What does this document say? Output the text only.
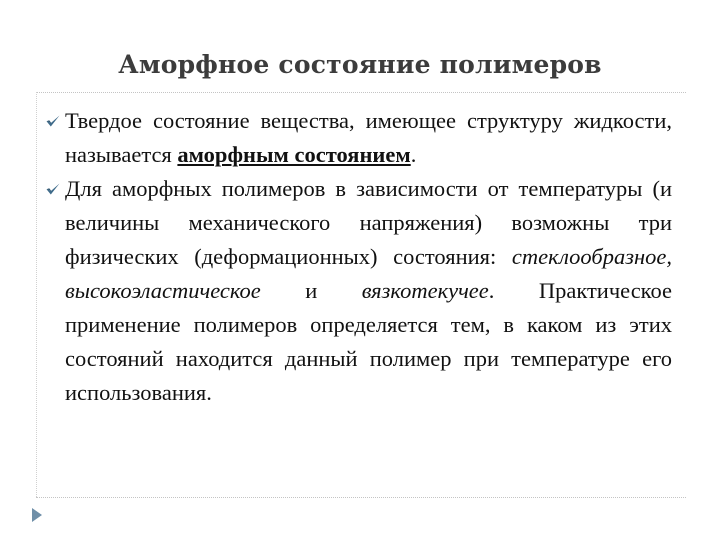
Аморфное состояние полимеров

Твердое состояние вещества, имеющее структуру жидкости, называется аморфным состоянием.

Для аморфных полимеров в зависимости от температуры (и величины механического напряжения) возможны три физических (деформационных) состояния: стеклообразное, высокоэластическое и вязкотекучее. Практическое применение полимеров определяется тем, в каком из этих состояний находится данный полимер при температуре его использования.
